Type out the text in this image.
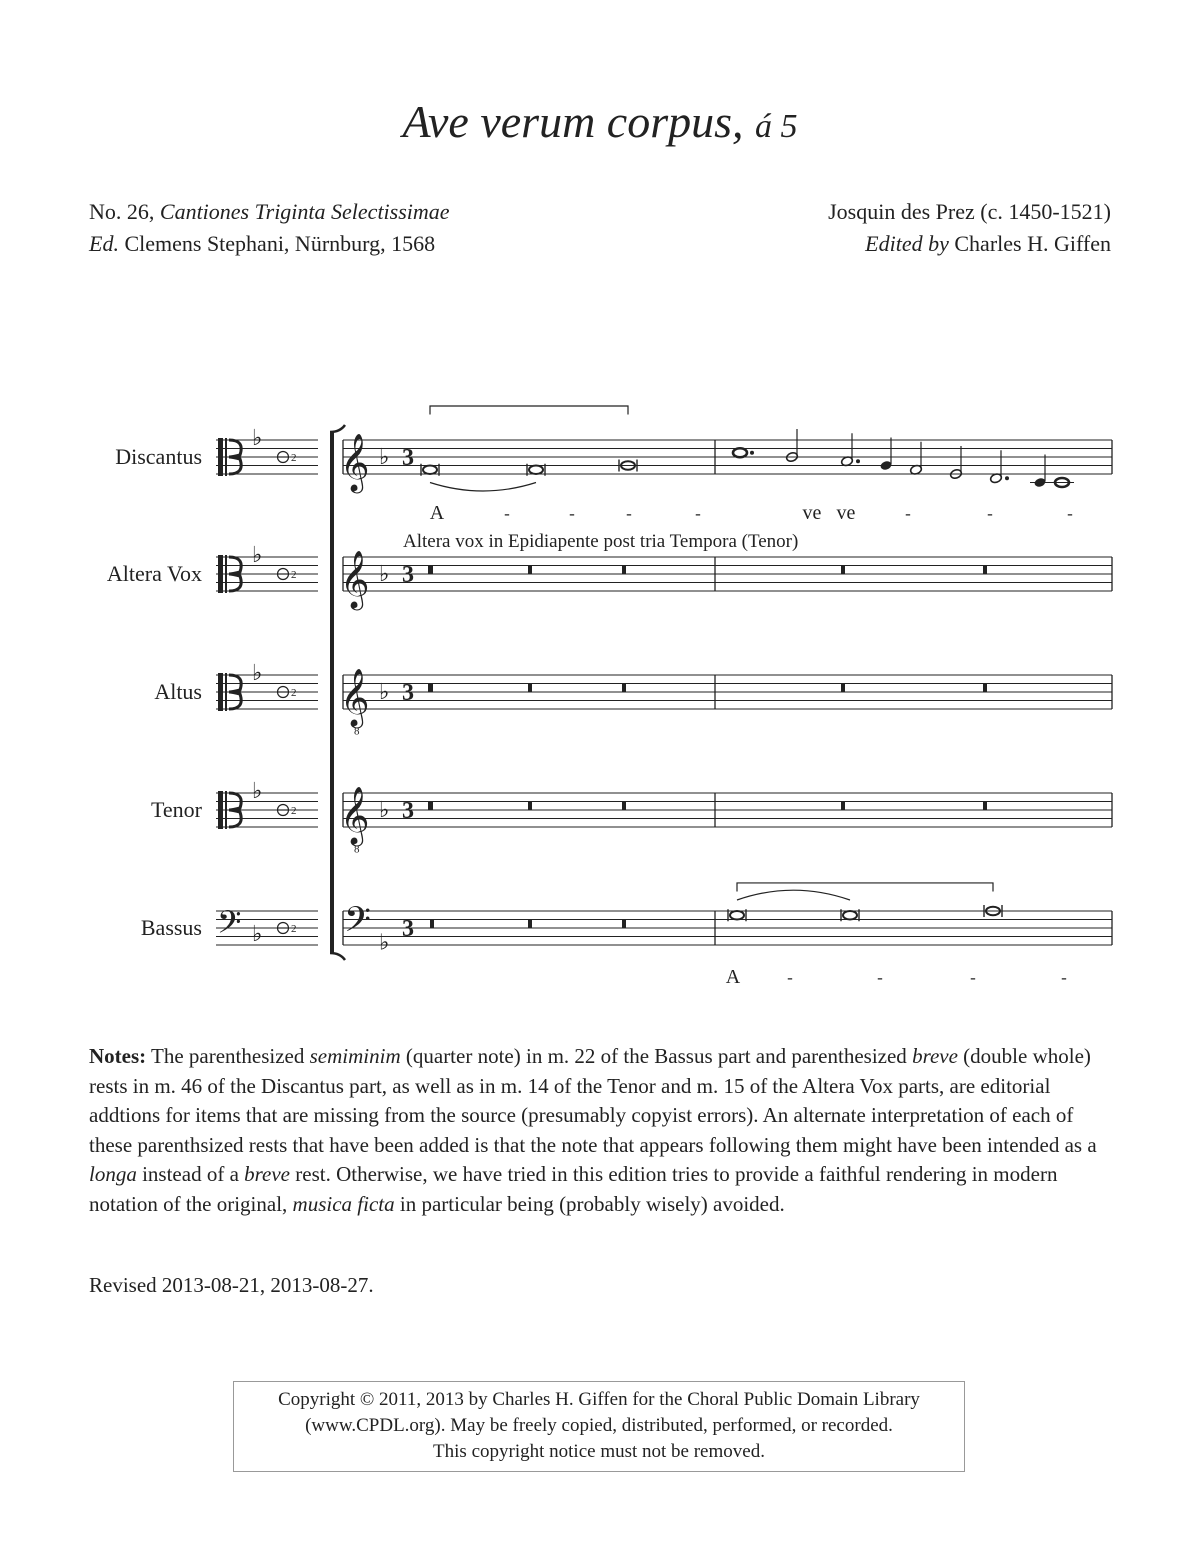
Ave verum corpus, á 5
No. 26, Cantiones Triginta Selectissimae
Ed. Clemens Stephani, Nürnburg, 1568
Josquin des Prez (c. 1450-1521)
Edited by Charles H. Giffen
Discantus
♭
2 𝄞 ♭ 3
Altera Vox
♭
2 𝄞 ♭ 3
Altus
♭
2 𝄞
8
♭ 3
Tenor
♭
2 𝄞
8
♭ 3
Bassus 𝄢 ♭	2 𝄢 ♭ 3
Altera vox in Epidiapente post tria Tempora (Tenor)
A	-	-	-	-	ve ve	-	-	-
A	-	-	-	-
Notes: The parenthesized semiminim (quarter note) in m. 22 of the Bassus part and parenthesized breve (double whole) rests in m. 46 of the Discantus part, as well as in m. 14 of the Tenor and m. 15 of the Altera Vox parts, are editorial addtions for items that are missing from the source (presumably copyist errors). An alternate interpretation of each of these parenthsized rests that have been added is that the note that appears following them might have been intended as a longa instead of a breve rest. Otherwise, we have tried in this edition tries to provide a faithful rendering in modern notation of the original, musica ficta in particular being (probably wisely) avoided.
Revised 2013-08-21, 2013-08-27.
Copyright © 2011, 2013 by Charles H. Giffen for the Choral Public Domain Library
(www.CPDL.org). May be freely copied, distributed, performed, or recorded.
This copyright notice must not be removed.
